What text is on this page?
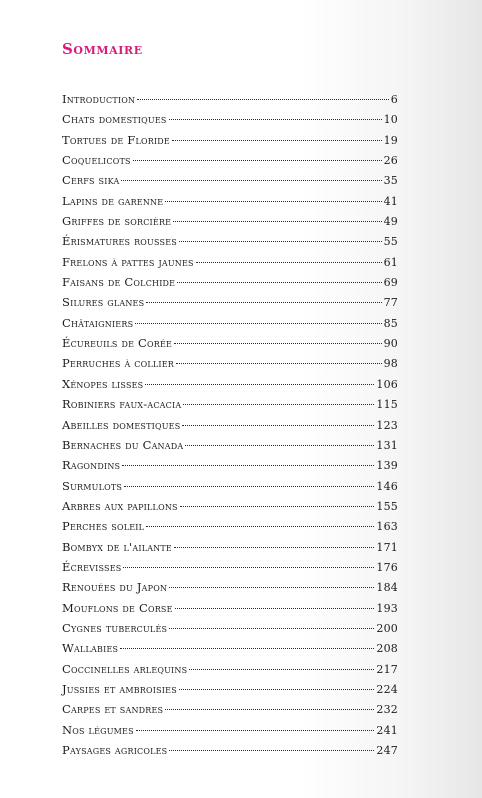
Sommaire
Introduction	6
Chats domestiques	10
Tortues de Floride	19
Coquelicots	26
Cerfs sika	35
Lapins de garenne	41
Griffes de sorcière	49
Érismatures rousses	55
Frelons à pattes jaunes	61
Faisans de Colchide	69
Silures glanes	77
Châtaigniers	85
Écureuils de Corée	90
Perruches à collier	98
Xénopes lisses	106
Robiniers faux-acacia	115
Abeilles domestiques	123
Bernaches du Canada	131
Ragondins	139
Surmulots	146
Arbres aux papillons	155
Perches soleil	163
Bombyx de l'ailante	171
Écrevisses	176
Renouées du Japon	184
Mouflons de Corse	193
Cygnes tuberculés	200
Wallabies	208
Coccinelles arlequins	217
Jussies et ambroisies	224
Carpes et sandres	232
Nos légumes	241
Paysages agricoles	247
